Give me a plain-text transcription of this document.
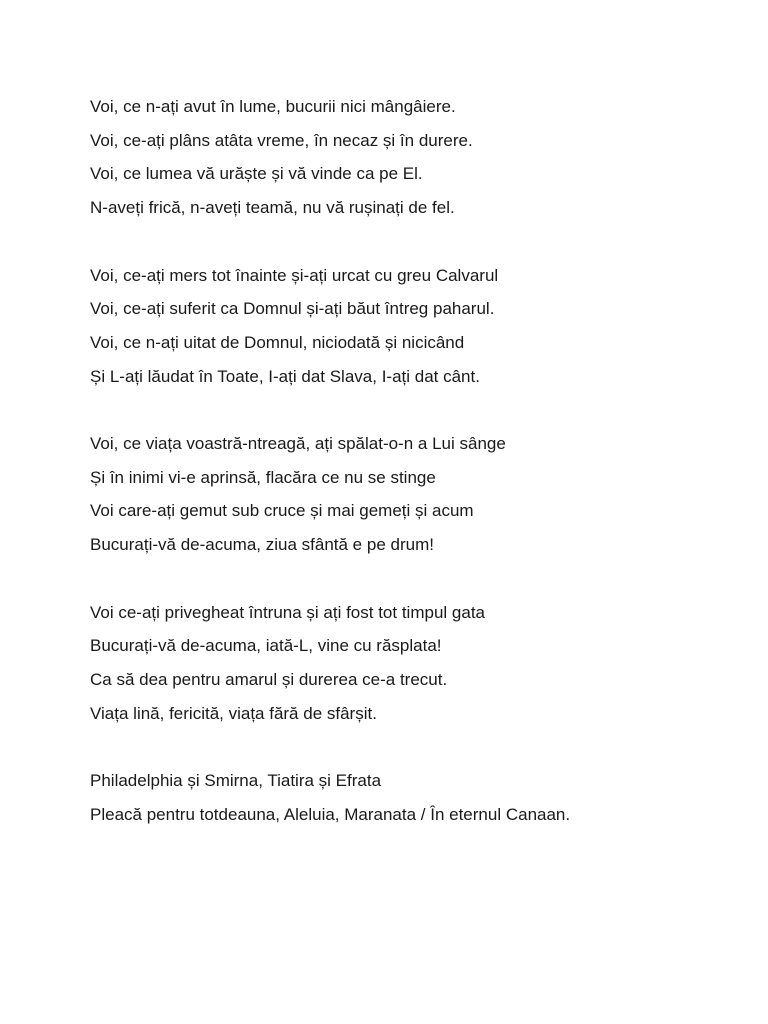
Voi, ce n-ați avut în lume, bucurii nici mângâiere.
Voi, ce-ați plâns atâta vreme, în necaz și în durere.
Voi, ce lumea vă urăște și vă vinde ca pe El.
N-aveți frică, n-aveți teamă, nu vă rușinați de fel.
Voi, ce-ați mers tot înainte și-ați urcat cu greu Calvarul
Voi, ce-ați suferit ca Domnul și-ați băut întreg paharul.
Voi, ce n-ați uitat de Domnul, niciodată și nicicând
Și L-ați lăudat în Toate, I-ați dat Slava, I-ați dat cânt.
Voi, ce viața voastră-ntreagă, ați spălat-o-n a Lui sânge
Și în inimi vi-e aprinsă, flacăra ce nu se stinge
Voi care-ați gemut sub cruce și mai gemeți și acum
Bucurați-vă de-acuma, ziua sfântă e pe drum!
Voi ce-ați privegheat întruna și ați fost tot timpul gata
Bucurați-vă de-acuma, iată-L, vine cu răsplata!
Ca să dea pentru amarul și durerea ce-a trecut.
Viața lină, fericită, viața fără de sfârșit.
Philadelphia și Smirna, Tiatira și Efrata
Pleacă pentru totdeauna, Aleluia, Maranata / În eternul Canaan.
